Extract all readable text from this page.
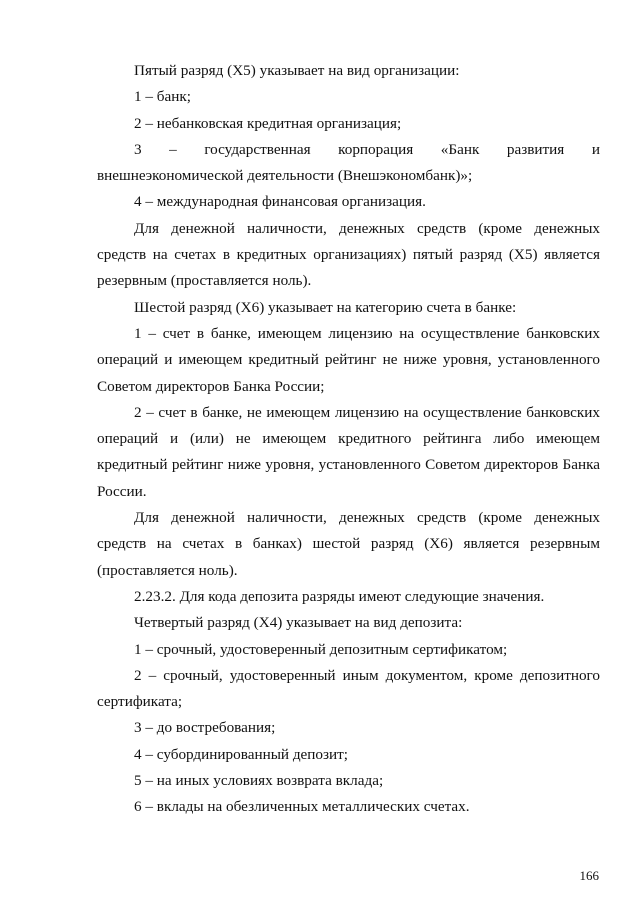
Пятый разряд (X5) указывает на вид организации:

1 – банк;

2 – небанковская кредитная организация;

3 – государственная корпорация «Банк развития и внешнеэкономической деятельности (Внешэкономбанк)»;

4 – международная финансовая организация.

Для денежной наличности, денежных средств (кроме денежных средств на счетах в кредитных организациях) пятый разряд (X5) является резервным (проставляется ноль).

Шестой разряд (X6) указывает на категорию счета в банке:

1 – счет в банке, имеющем лицензию на осуществление банковских операций и имеющем кредитный рейтинг не ниже уровня, установленного Советом директоров Банка России;

2 – счет в банке, не имеющем лицензию на осуществление банковских операций и (или) не имеющем кредитного рейтинга либо имеющем кредитный рейтинг ниже уровня, установленного Советом директоров Банка России.

Для денежной наличности, денежных средств (кроме денежных средств на счетах в банках) шестой разряд (X6) является резервным (проставляется ноль).

2.23.2. Для кода депозита разряды имеют следующие значения.

Четвертый разряд (X4) указывает на вид депозита:

1 – срочный, удостоверенный депозитным сертификатом;

2 – срочный, удостоверенный иным документом, кроме депозитного сертификата;

3 – до востребования;

4 – субординированный депозит;

5 – на иных условиях возврата вклада;

6 – вклады на обезличенных металлических счетах.

166
